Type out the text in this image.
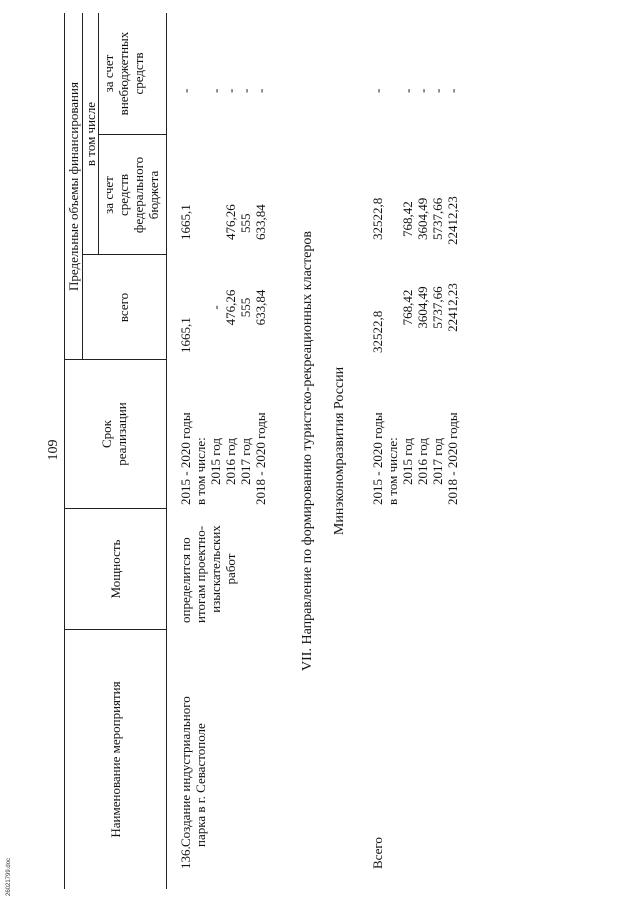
26021799.doc
109
Наименование мероприятия
Мощность
Срок реализации
Предельные объемы финансирования
всего
в том числе
за счет средств федерального бюджета
за счет внебюджетных средств
136.
Создание индустриального парка в г. Севастополе
определится по итогам проектно- изыскательских работ
2015 - 2020 годы в том числе: 2015 год 2016 год 2017 год 2018 - 2020 годы
1665,1
- 476,26 555 633,84
1665,1 476,26 555 633,84
- - - - -
VII. Направление по формированию туристско-рекреационных кластеров Минэкономразвития России
Всего
2015 - 2020 годы в том числе: 2015 год 2016 год 2017 год 2018 - 2020 годы
32522,8
768,42 3604,49 5737,66 22412,23
32522,8 768,42 3604,49 5737,66 22412,23
- - - - -
